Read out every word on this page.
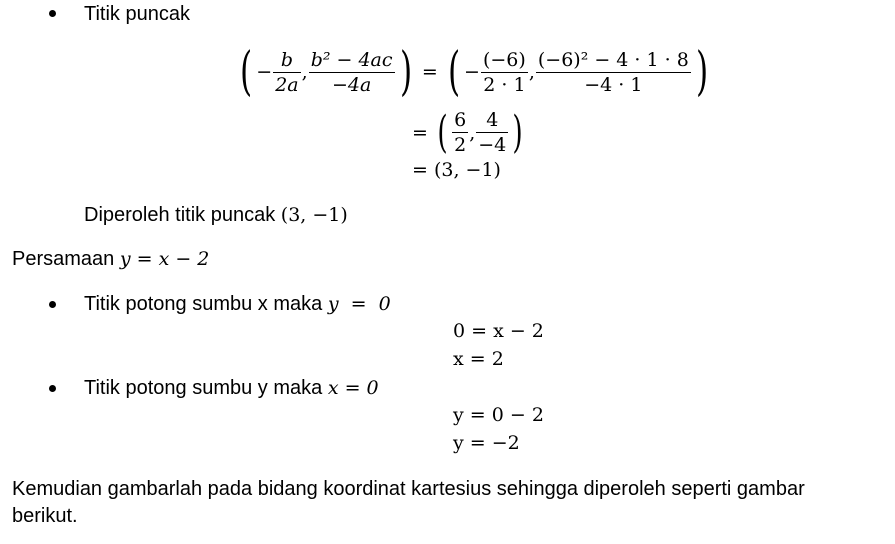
Titik puncak
( − $\frac{b}{2a}$ , $\frac{\text{b² − 4ac}}{-4a}$ ) = ( − $\frac{(-6)}{2 \cdot 1}$ , $\frac{\text{(−6)² − 4 · 1 · 8}}{-4 \cdot 1}$ )
= ( $\frac{6}{2}$ , $\frac{4}{-4}$ )
= (3, −1)
Diperoleh titik puncak (3, −1)
Persamaan y = x − 2
Titik potong sumbu x maka y  =  0
0 = x − 2
x = 2
Titik potong sumbu y maka x = 0
y = 0 − 2
y = −2
Kemudian gambarlah pada bidang koordinat kartesius sehingga diperoleh seperti gambar
berikut.
